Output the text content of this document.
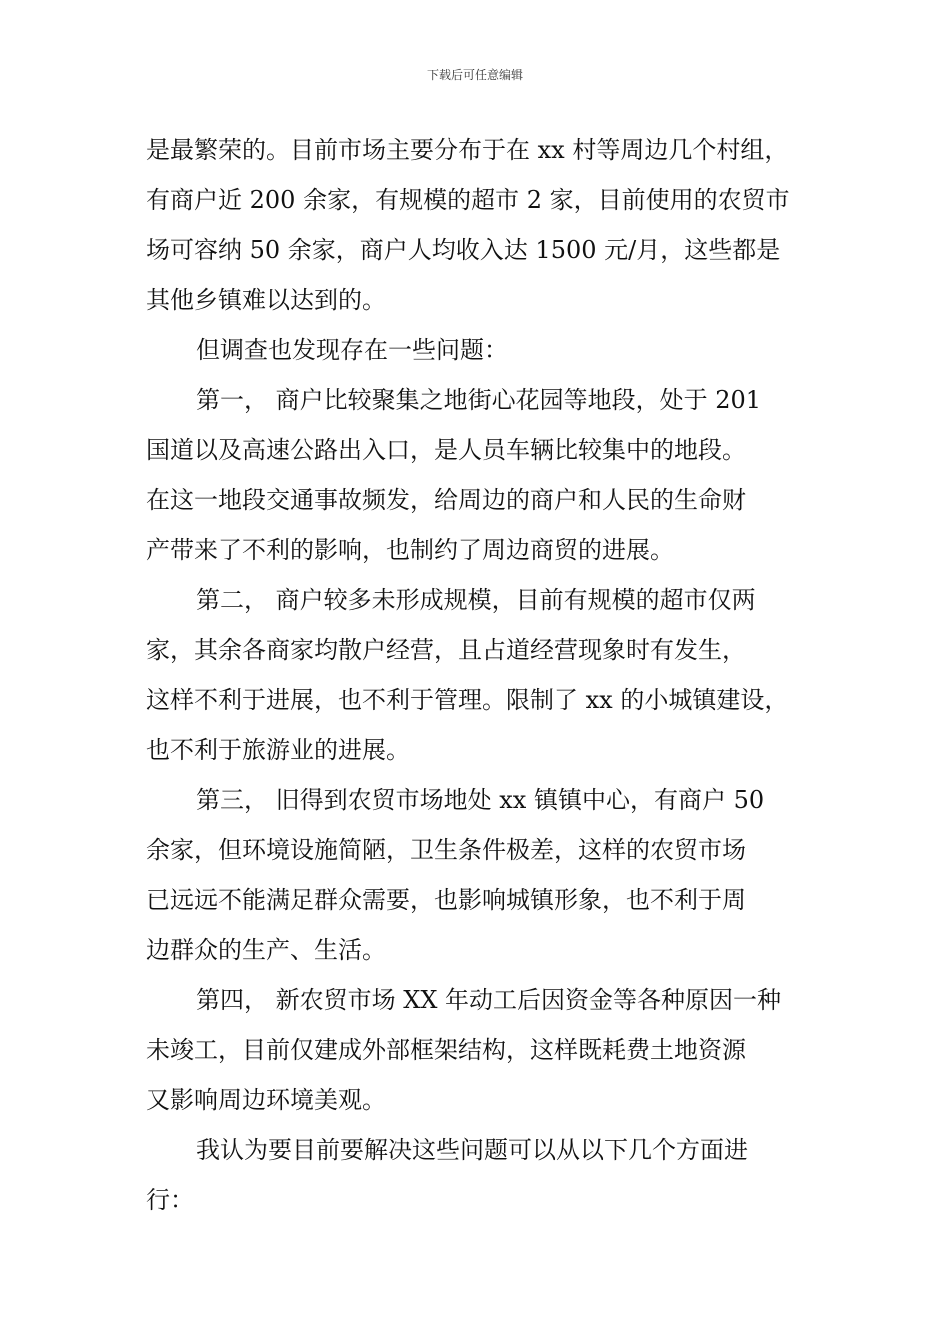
下载后可任意编辑
是最繁荣的。目前市场主要分布于在 xx 村等周边几个村组，
有商户近 200 余家，有规模的超市 2 家，目前使用的农贸市
场可容纳 50 余家，商户人均收入达 1500 元/月，这些都是
其他乡镇难以达到的。
但调查也发现存在一些问题：
第一， 商户比较聚集之地街心花园等地段，处于 201
国道以及高速公路出入口，是人员车辆比较集中的地段。
在这一地段交通事故频发，给周边的商户和人民的生命财
产带来了不利的影响，也制约了周边商贸的进展。
第二， 商户较多未形成规模，目前有规模的超市仅两
家，其余各商家均散户经营，且占道经营现象时有发生，
这样不利于进展，也不利于管理。限制了 xx 的小城镇建设，
也不利于旅游业的进展。
第三， 旧得到农贸市场地处 xx 镇镇中心，有商户 50
余家，但环境设施简陋，卫生条件极差，这样的农贸市场
已远远不能满足群众需要，也影响城镇形象，也不利于周
边群众的生产、生活。
第四， 新农贸市场 XX 年动工后因资金等各种原因一种
未竣工，目前仅建成外部框架结构，这样既耗费土地资源
又影响周边环境美观。
我认为要目前要解决这些问题可以从以下几个方面进
行：
